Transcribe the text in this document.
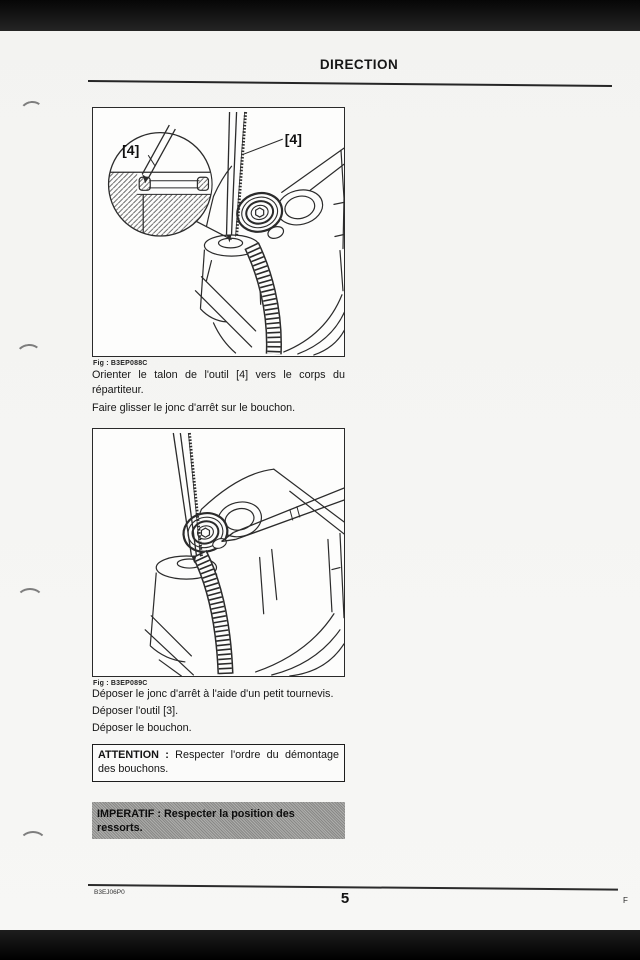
DIRECTION
[4]
[4]
Fig : B3EP088C

Orienter le talon de l'outil [4] vers le corps du répartiteur.

Faire glisser le jonc d'arrêt sur le bouchon.

Fig : B3EP089C

Déposer le jonc d'arrêt à l'aide d'un petit tournevis.

Déposer l'outil [3].

Déposer le bouchon.

ATTENTION : Respecter l'ordre du démontage des bouchons.
IMPERATIF : Respecter la position des ressorts.
B3EJ06P0	5	F
